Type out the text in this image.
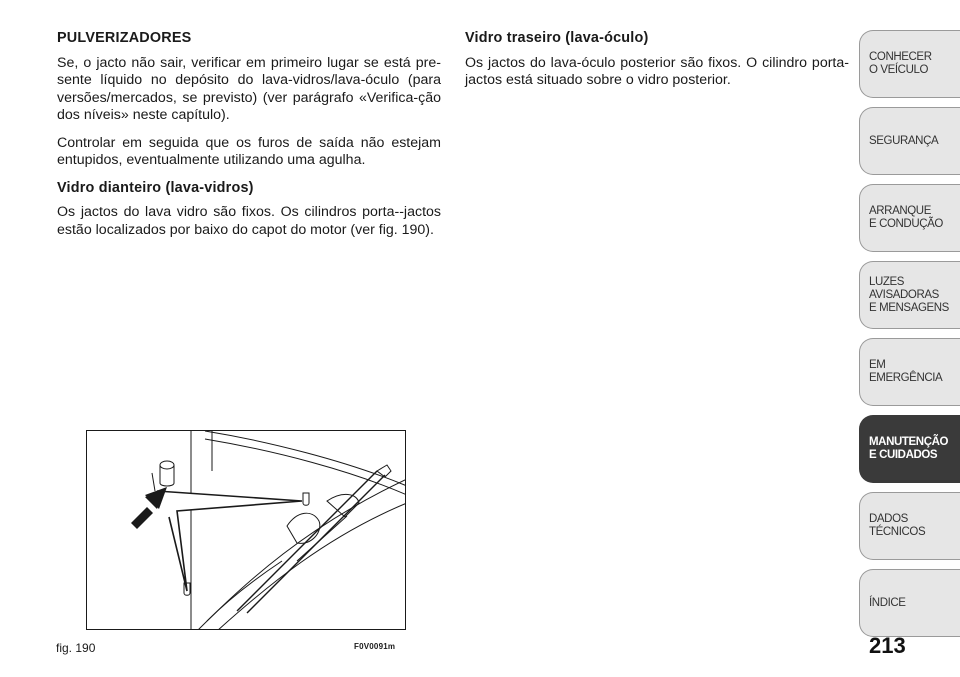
PULVERIZADORES

Se, o jacto não sair, verificar em primeiro lugar se está pre-sente líquido no depósito do lava-vidros/lava-óculo (para versões/mercados, se previsto) (ver parágrafo «Verifica-ção dos níveis» neste capítulo).

Controlar em seguida que os furos de saída não estejam entupidos, eventualmente utilizando uma agulha.

Vidro dianteiro (lava-vidros)

Os jactos do lava vidro são fixos. Os cilindros porta--jactos estão localizados por baixo do capot do motor (ver fig. 190).

Vidro traseiro (lava-óculo)

Os jactos do lava-óculo posterior são fixos. O cilindro porta-jactos está situado sobre o vidro posterior.

fig. 190	F0V0091m
CONHECER
O VEÍCULO
SEGURANÇA
ARRANQUE
E CONDUÇÃO
LUZES AVISADORAS
E MENSAGENS
EM EMERGÊNCIA
MANUTENÇÃO
E CUIDADOS
DADOS TÉCNICOS
ÍNDICE
213
